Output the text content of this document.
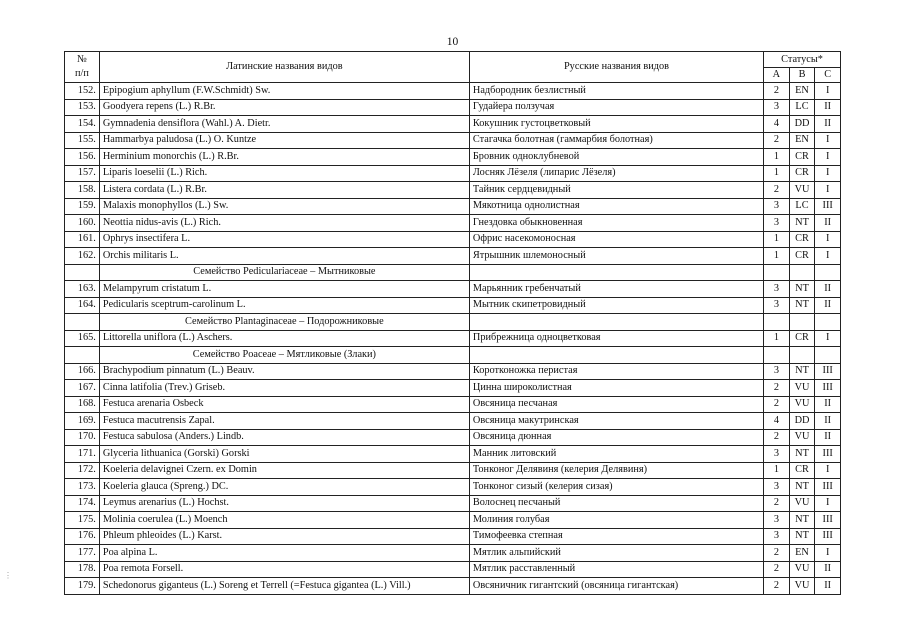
10
№
п/п	Латинские названия видов	Русские названия видов	Статусы*		
			А	В	С
152.	Epipogium aphyllum (F.W.Schmidt) Sw.	Надбородник безлистный	2	EN	I
153.	Goodyera repens (L.) R.Br.	Гудайера ползучая	3	LC	II
154.	Gymnadenia densiflora (Wahl.) A. Dietr.	Кокушник густоцветковый	4	DD	II
155.	Hammarbya paludosa (L.) O. Kuntze	Стагачка болотная (гаммарбия болотная)	2	EN	I
156.	Herminium monorchis (L.) R.Br.	Бровник одноклубневой	1	CR	I
157.	Liparis loeselii (L.) Rich.	Лосняк Лёзеля (липарис Лёзеля)	1	CR	I
158.	Listera cordata (L.) R.Br.	Тайник сердцевидный	2	VU	I
159.	Malaxis monophyllos (L.) Sw.	Мякотница однолистная	3	LC	III
160.	Neottia nidus-avis (L.) Rich.	Гнездовка обыкновенная	3	NT	II
161.	Ophrys insectifera L.	Офрис насекомоносная	1	CR	I
162.	Orchis militaris L.	Ятрышник шлемоносный	1	CR	I
	Семейство Pedicularіaceae – Мытниковые				
163.	Melampyrum cristatum L.	Марьянник гребенчатый	3	NT	II
164.	Pedicularis sceptrum-carolinum L.	Мытник скипетровидный	3	NT	II
	Семейство Plantaginaceae – Подорожниковые				
165.	Littorella uniflora (L.) Aschers.	Прибрежница одноцветковая	1	CR	I
	Семейство Poaceae – Мятликовые (Злаки)				
166.	Brachypodium pinnatum (L.) Beauv.	Коротконожка перистая	3	NT	III
167.	Cinna latifolia (Trev.) Griseb.	Цинна широколистная	2	VU	III
168.	Festuca arenaria Osbeck	Овсяница песчаная	2	VU	II
169.	Festuca macutrensis Zapal.	Овсяница макутринская	4	DD	II
170.	Festuca sabulosa (Anders.) Lindb.	Овсяница дюнная	2	VU	II
171.	Glyceria lithuanica (Gorski) Gorski	Манник литовский	3	NT	III
172.	Koeleria delavignei Czern. ex Domin	Тонконог Делявиня (келерия Делявиня)	1	CR	I
173.	Koeleria glauca (Spreng.) DC.	Тонконог сизый (келерия сизая)	3	NT	III
174.	Leymus arenarius (L.) Hochst.	Волоснец песчаный	2	VU	I
175.	Molinia coerulea (L.) Moench	Молиния голубая	3	NT	III
176.	Phleum phleoides (L.) Karst.	Тимофеевка степная	3	NT	III
177.	Poa alpina L.	Мятлик альпийский	2	EN	I
178.	Poa remota Forsell.	Мятлик расставленный	2	VU	II
179.	Schedonorus giganteus (L.) Soreng et Terrell (=Festuca gigantea (L.) Vill.)	Овсяничник гигантский (овсяница гигантская)	2	VU	II
⋮
